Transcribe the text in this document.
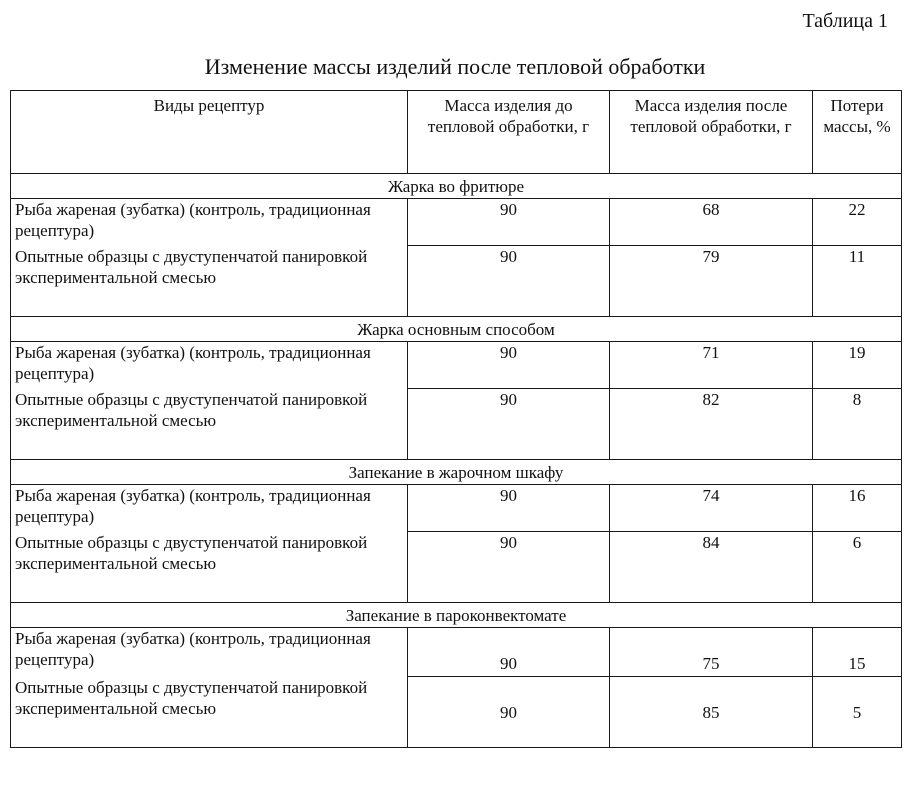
Таблица 1
Изменение массы изделий после тепловой обработки
Виды рецептур	Масса изделия до тепловой обработки, г	Масса изделия после тепловой обработки, г	Потери массы, %
Жарка во фритюре			
Рыба жареная (зубатка) (контроль, традиционная рецептура)	90	68	22
Опытные образцы с двуступенчатой панировкой экспериментальной смесью	90	79	11
Жарка основным способом			
Рыба жареная (зубатка) (контроль, традиционная рецептура)	90	71	19
Опытные образцы с двуступенчатой панировкой экспериментальной смесью	90	82	8
Запекание в жарочном шкафу			
Рыба жареная (зубатка) (контроль, традиционная рецептура)	90	74	16
Опытные образцы с двуступенчатой панировкой экспериментальной смесью	90	84	6
Запекание в пароконвектомате			
Рыба жареная (зубатка) (контроль, традиционная рецептура)	90	75	15
Опытные образцы с двуступенчатой панировкой экспериментальной смесью	90	85	5
